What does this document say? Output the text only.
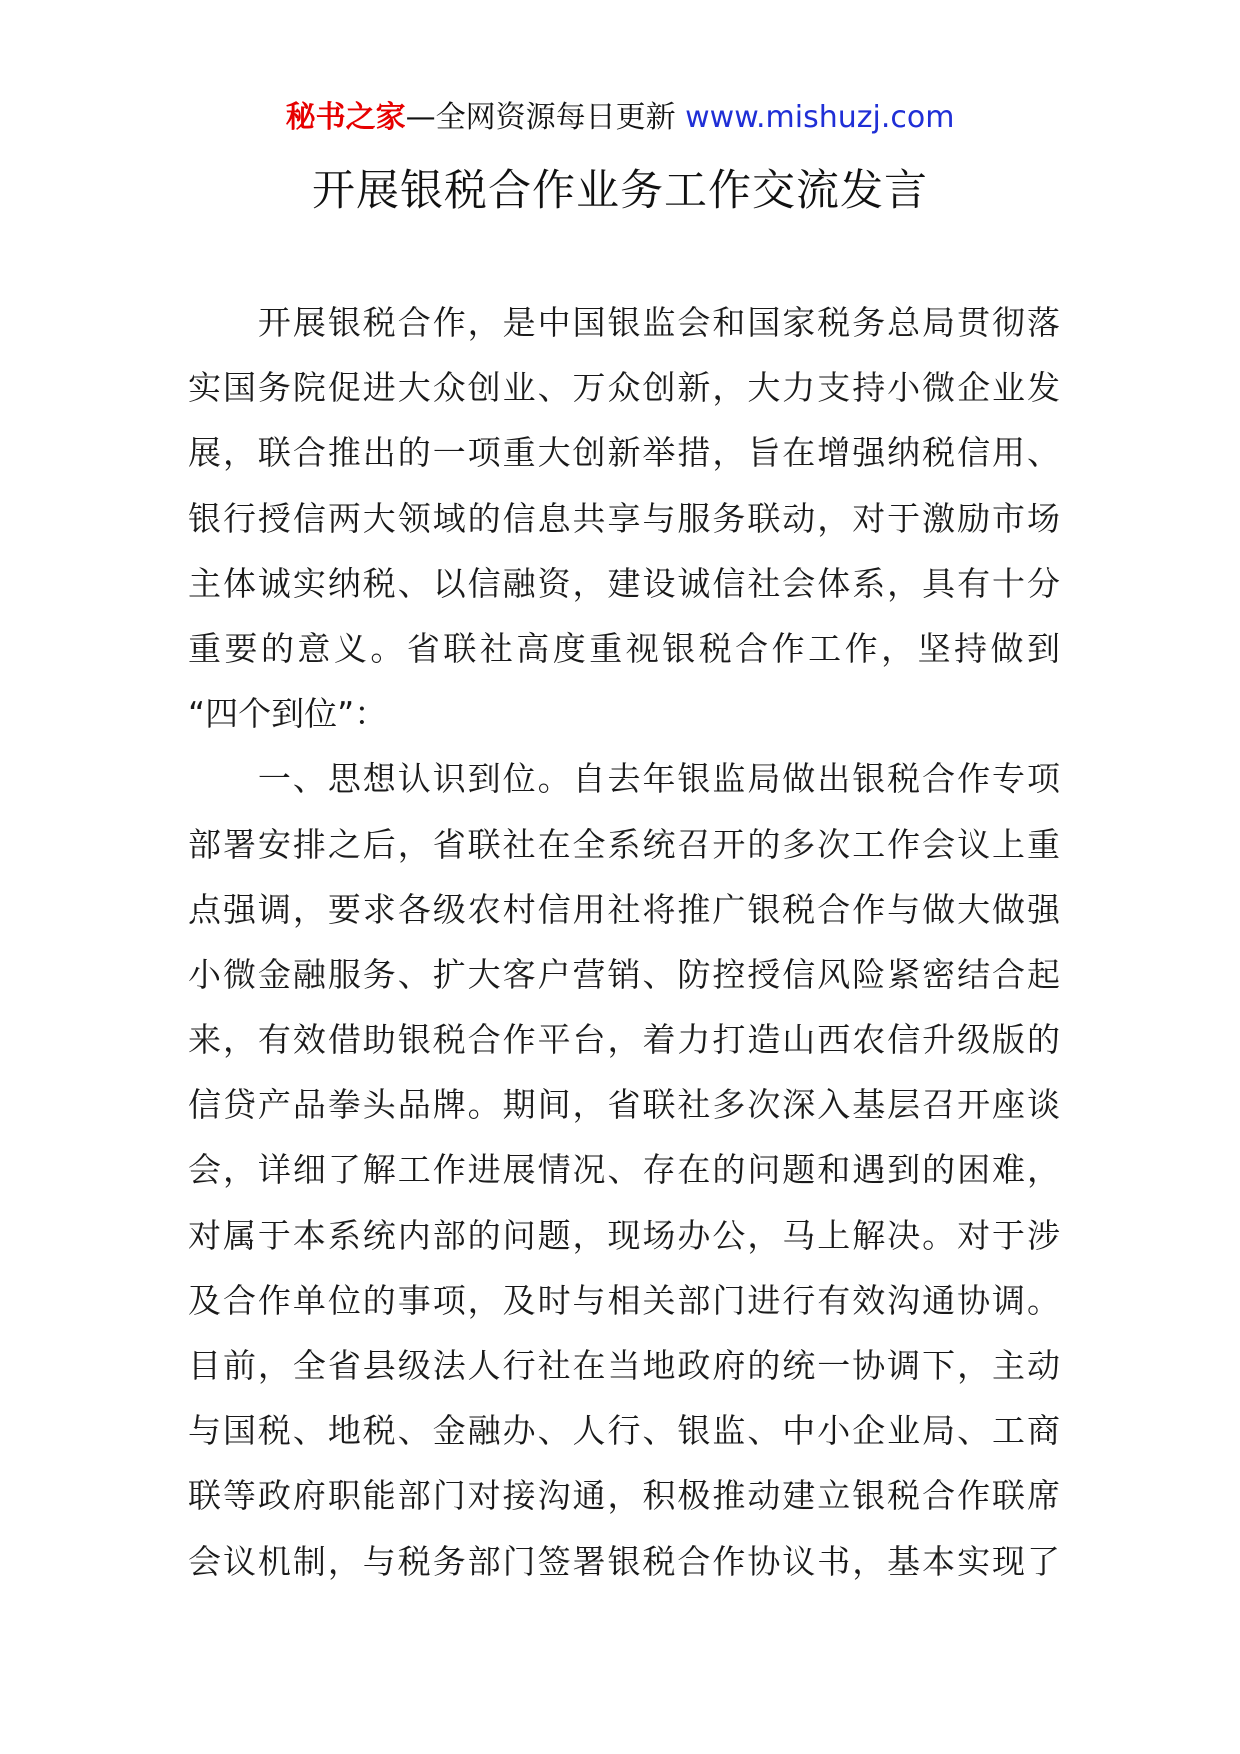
秘书之家—全网资源每日更新 www.mishuzj.com
开展银税合作业务工作交流发言
　　开展银税合作，是中国银监会和国家税务总局贯彻落
实国务院促进大众创业、万众创新，大力支持小微企业发
展，联合推出的一项重大创新举措，旨在增强纳税信用、
银行授信两大领域的信息共享与服务联动，对于激励市场
主体诚实纳税、以信融资，建设诚信社会体系，具有十分
重要的意义。省联社高度重视银税合作工作，坚持做到
“四个到位”：
　　一、思想认识到位。自去年银监局做出银税合作专项
部署安排之后，省联社在全系统召开的多次工作会议上重
点强调，要求各级农村信用社将推广银税合作与做大做强
小微金融服务、扩大客户营销、防控授信风险紧密结合起
来，有效借助银税合作平台，着力打造山西农信升级版的
信贷产品拳头品牌。期间，省联社多次深入基层召开座谈
会，详细了解工作进展情况、存在的问题和遇到的困难，
对属于本系统内部的问题，现场办公，马上解决。对于涉
及合作单位的事项，及时与相关部门进行有效沟通协调。
目前，全省县级法人行社在当地政府的统一协调下，主动
与国税、地税、金融办、人行、银监、中小企业局、工商
联等政府职能部门对接沟通，积极推动建立银税合作联席
会议机制，与税务部门签署银税合作协议书，基本实现了
